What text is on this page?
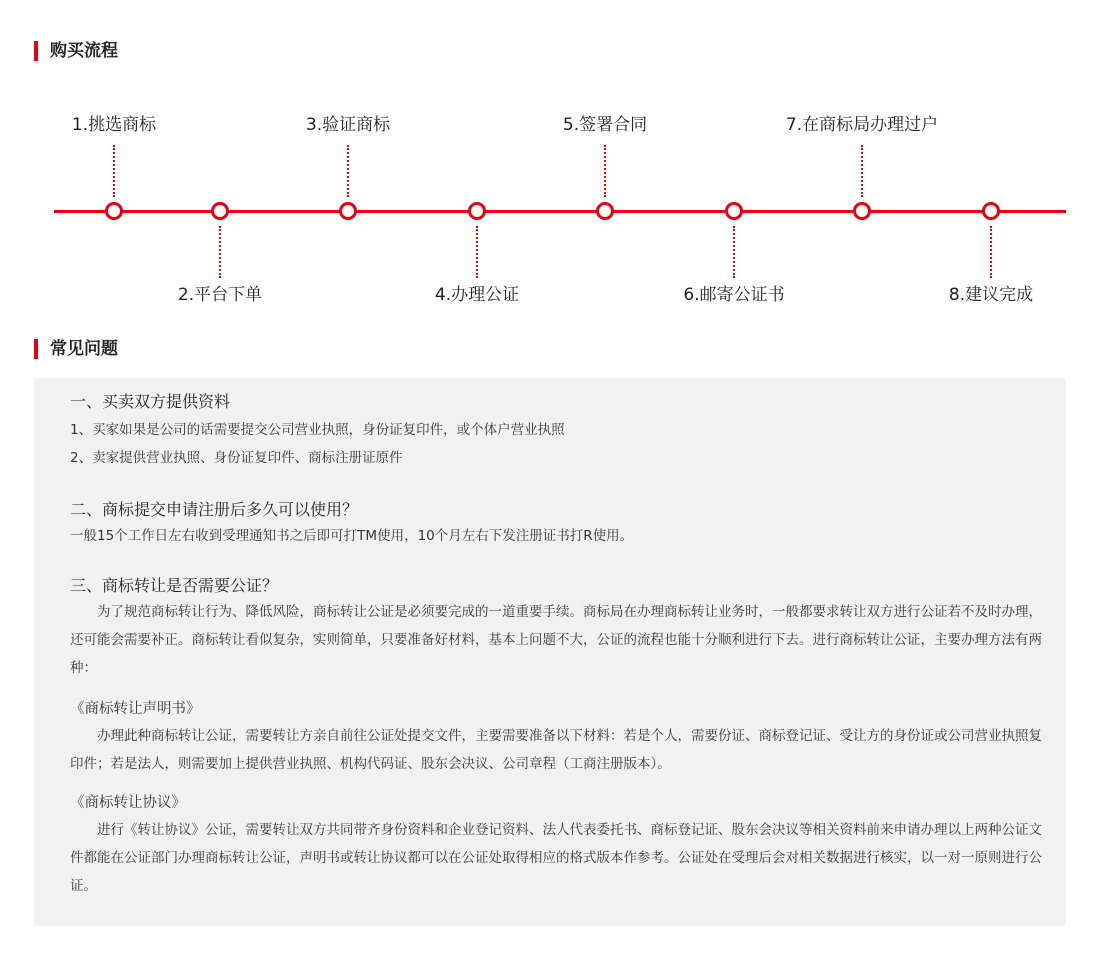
购买流程
1.挑选商标
2.平台下单
3.验证商标
4.办理公证
5.签署合同
6.邮寄公证书
7.在商标局办理过户
8.建议完成
常见问题

一、买卖双方提供资料

1、买家如果是公司的话需要提交公司营业执照，身份证复印件，或个体户营业执照

2、卖家提供营业执照、身份证复印件、商标注册证原件

二、商标提交申请注册后多久可以使用？

一般15个工作日左右收到受理通知书之后即可打TM使用，10个月左右下发注册证书打R使用。

三、商标转让是否需要公证？

为了规范商标转让行为、降低风险，商标转让公证是必须要完成的一道重要手续。商标局在办理商标转让业务时，一般都要求转让双方进行公证若不及时办理，还可能会需要补正。商标转让看似复杂，实则简单，只要准备好材料，基本上问题不大，公证的流程也能十分顺利进行下去。进行商标转让公证，主要办理方法有两种：

《商标转让声明书》

办理此种商标转让公证，需要转让方亲自前往公证处提交文件，主要需要准备以下材料：若是个人，需要份证、商标登记证、受让方的身份证或公司营业执照复印件；若是法人，则需要加上提供营业执照、机构代码证、股东会决议、公司章程（工商注册版本）。

《商标转让协议》

进行《转让协议》公证，需要转让双方共同带齐身份资料和企业登记资料、法人代表委托书、商标登记证、股东会决议等相关资料前来申请办理以上两种公证文件都能在公证部门办理商标转让公证，声明书或转让协议都可以在公证处取得相应的格式版本作参考。公证处在受理后会对相关数据进行核实，以一对一原则进行公证。
